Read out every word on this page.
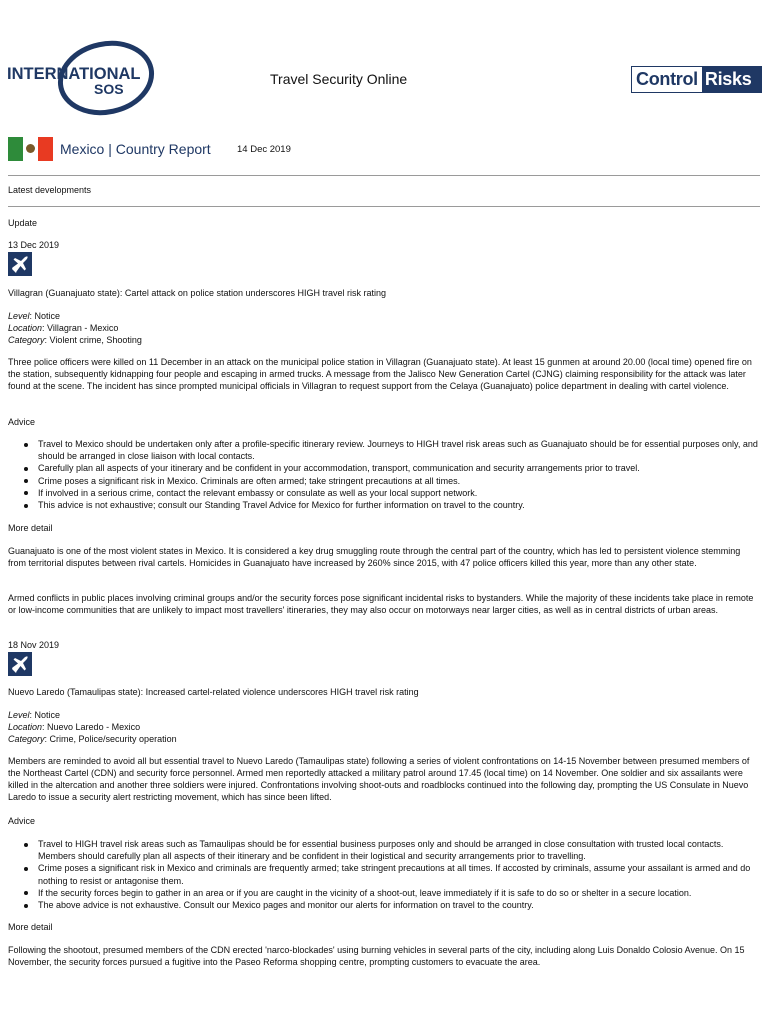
INTERNATIONAL
SOS
Travel Security Online	Control Risks
Mexico | Country Report	14 Dec 2019
Latest developments
Update
13 Dec 2019
Villagran (Guanajuato state): Cartel attack on police station underscores HIGH travel risk rating
Level: Notice
Location: Villagran - Mexico
Category: Violent crime, Shooting
Three police officers were killed on 11 December in an attack on the municipal police station in Villagran (Guanajuato state). At least 15 gunmen at around 20.00 (local time) opened fire on the station, subsequently kidnapping four people and escaping in armed trucks. A message from the Jalisco New Generation Cartel (CJNG) claiming responsibility for the attack was later found at the scene. The incident has since prompted municipal officials in Villagran to request support from the Celaya (Guanajuato) police department in dealing with cartel violence.
Advice
Travel to Mexico should be undertaken only after a profile-specific itinerary review. Journeys to HIGH travel risk areas such as Guanajuato should be for essential purposes only, and should be arranged in close liaison with local contacts.
Carefully plan all aspects of your itinerary and be confident in your accommodation, transport, communication and security arrangements prior to travel.
Crime poses a significant risk in Mexico. Criminals are often armed; take stringent precautions at all times.
If involved in a serious crime, contact the relevant embassy or consulate as well as your local support network.
This advice is not exhaustive; consult our Standing Travel Advice for Mexico for further information on travel to the country.
More detail
Guanajuato is one of the most violent states in Mexico. It is considered a key drug smuggling route through the central part of the country, which has led to persistent violence stemming from territorial disputes between rival cartels. Homicides in Guanajuato have increased by 260% since 2015, with 47 police officers killed this year, more than any other state.
Armed conflicts in public places involving criminal groups and/or the security forces pose significant incidental risks to bystanders. While the majority of these incidents take place in remote or low-income communities that are unlikely to impact most travellers' itineraries, they may also occur on motorways near larger cities, as well as in central districts of urban areas.
18 Nov 2019
Nuevo Laredo (Tamaulipas state): Increased cartel-related violence underscores HIGH travel risk rating
Level: Notice
Location: Nuevo Laredo - Mexico
Category: Crime, Police/security operation
Members are reminded to avoid all but essential travel to Nuevo Laredo (Tamaulipas state) following a series of violent confrontations on 14-15 November between presumed members of the Northeast Cartel (CDN) and security force personnel. Armed men reportedly attacked a military patrol around 17.45 (local time) on 14 November. One soldier and six assailants were killed in the altercation and another three soldiers were injured. Confrontations involving shoot-outs and roadblocks continued into the following day, prompting the US Consulate in Nuevo Laredo to issue a security alert restricting movement, which has since been lifted.
Advice
Travel to HIGH travel risk areas such as Tamaulipas should be for essential business purposes only and should be arranged in close consultation with trusted local contacts. Members should carefully plan all aspects of their itinerary and be confident in their logistical and security arrangements prior to travelling.
Crime poses a significant risk in Mexico and criminals are frequently armed; take stringent precautions at all times. If accosted by criminals, assume your assailant is armed and do nothing to resist or antagonise them.
If the security forces begin to gather in an area or if you are caught in the vicinity of a shoot-out, leave immediately if it is safe to do so or shelter in a secure location.
The above advice is not exhaustive. Consult our Mexico pages and monitor our alerts for information on travel to the country.
More detail
Following the shootout, presumed members of the CDN erected 'narco-blockades' using burning vehicles in several parts of the city, including along Luis Donaldo Colosio Avenue. On 15 November, the security forces pursued a fugitive into the Paseo Reforma shopping centre, prompting customers to evacuate the area.
